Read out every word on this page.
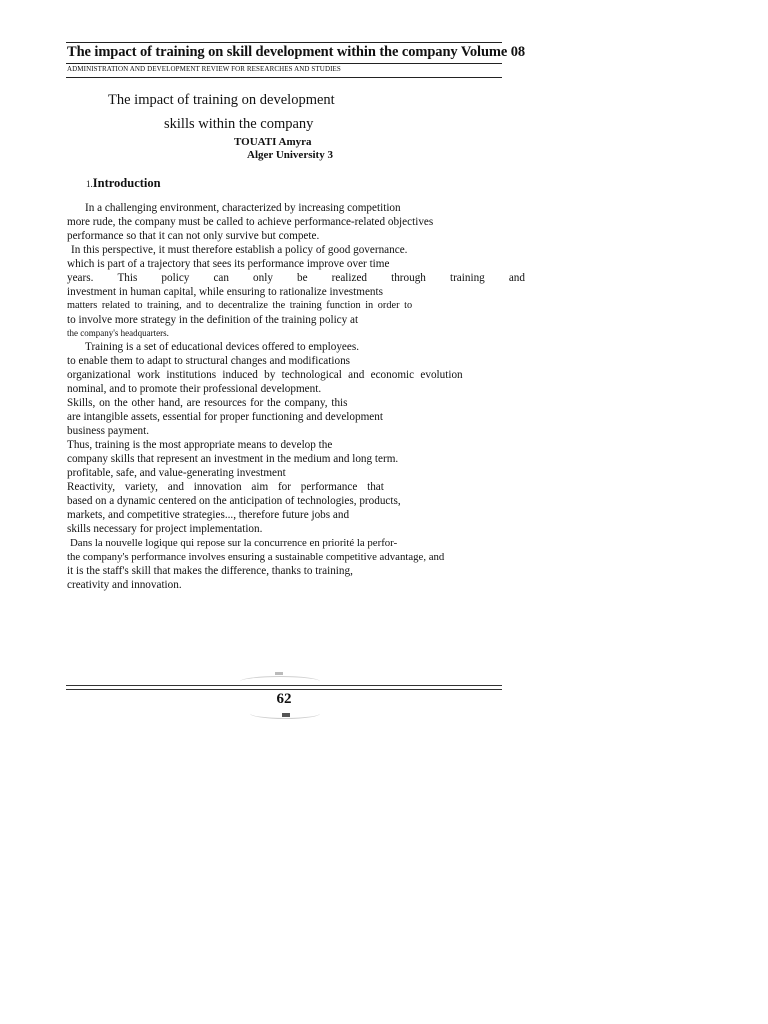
The impact of training on skill development within the company Volume 08
ADMINISTRATION AND DEVELOPMENT REVIEW FOR RESEARCHES AND STUDIES
The impact of training on development
skills within the company
TOUATI Amyra
Alger University 3
1.Introduction
In a challenging environment, characterized by increasing competition
more rude, the company must be called to achieve performance-related objectives
performance so that it can not only survive but compete.
In this perspective, it must therefore establish a policy of good governance.
which is part of a trajectory that sees its performance improve over time
years. This policy can only be realized through training and
investment in human capital, while ensuring to rationalize investments
matters related to training, and to decentralize the training function in order to
to involve more strategy in the definition of the training policy at
the company's headquarters.
Training is a set of educational devices offered to employees.
to enable them to adapt to structural changes and modifications
organizational work institutions induced by technological and economic evolution
nominal, and to promote their professional development.
Skills, on the other hand, are resources for the company, this
are intangible assets, essential for proper functioning and development
business payment.
Thus, training is the most appropriate means to develop the
company skills that represent an investment in the medium and long term.
profitable, safe, and value-generating investment
Reactivity, variety, and innovation aim for performance that
based on a dynamic centered on the anticipation of technologies, products,
markets, and competitive strategies..., therefore future jobs and
skills necessary for project implementation.
Dans la nouvelle logique qui repose sur la concurrence en priorité la perfor-
the company's performance involves ensuring a sustainable competitive advantage, and
it is the staff's skill that makes the difference, thanks to training,
creativity and innovation.
62
